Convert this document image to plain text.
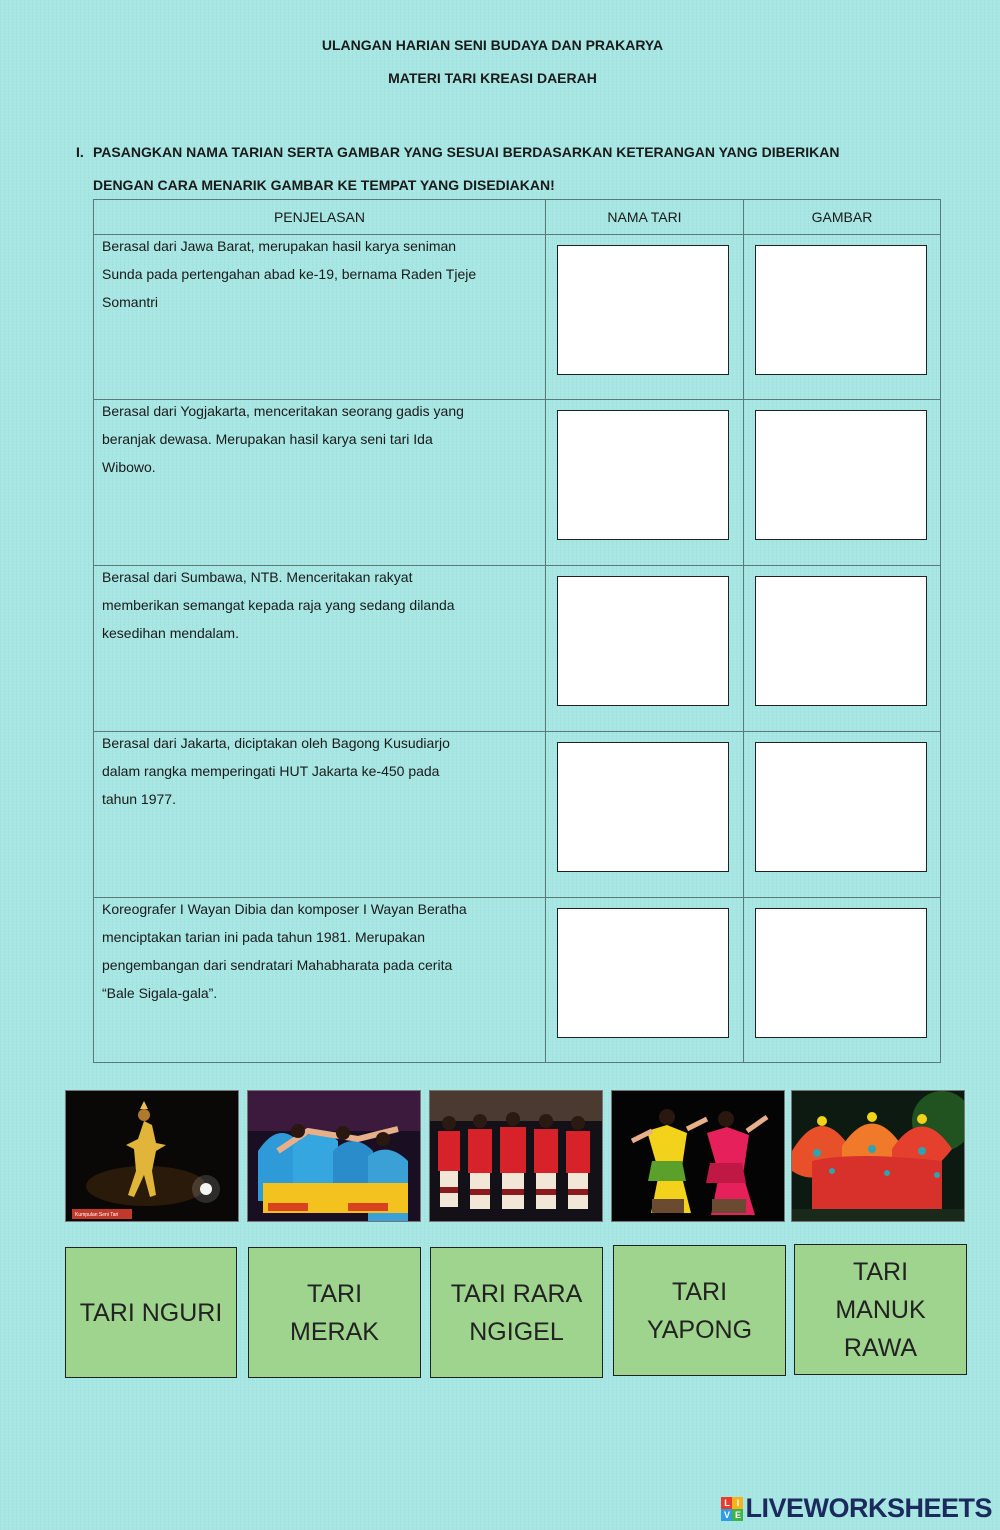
ULANGAN HARIAN SENI BUDAYA DAN PRAKARYA
MATERI TARI KREASI DAERAH
I. PASANGKAN NAMA TARIAN SERTA GAMBAR YANG SESUAI BERDASARKAN KETERANGAN YANG DIBERIKAN
DENGAN CARA MENARIK GAMBAR KE TEMPAT YANG DISEDIAKAN!
PENJELASAN	NAMA TARI	GAMBAR

Berasal dari Jawa Barat, merupakan hasil karya seniman
Sunda pada pertengahan abad ke-19, bernama Raden Tjeje
Somantri		

Berasal dari Yogjakarta, menceritakan seorang gadis yang
beranjak dewasa. Merupakan hasil karya seni tari Ida
Wibowo.		

Berasal dari Sumbawa, NTB. Menceritakan rakyat
memberikan semangat kepada raja yang sedang dilanda
kesedihan mendalam.		

Berasal dari Jakarta, diciptakan oleh Bagong Kusudiarjo
dalam rangka memperingati HUT Jakarta ke-450 pada
tahun 1977.		

Koreografer I Wayan Dibia dan komposer I Wayan Beratha
menciptakan tarian ini pada tahun 1981. Merupakan
pengembangan dari sendratari Mahabharata pada cerita
“Bale Sigala-gala”.		

Kumpulan Seni Tari
TARI NGURI
TARI MERAK
TARI RARA NGIGEL
TARI YAPONG
TARI MANUK RAWA
L I
V E LIVEWORKSHEETS
